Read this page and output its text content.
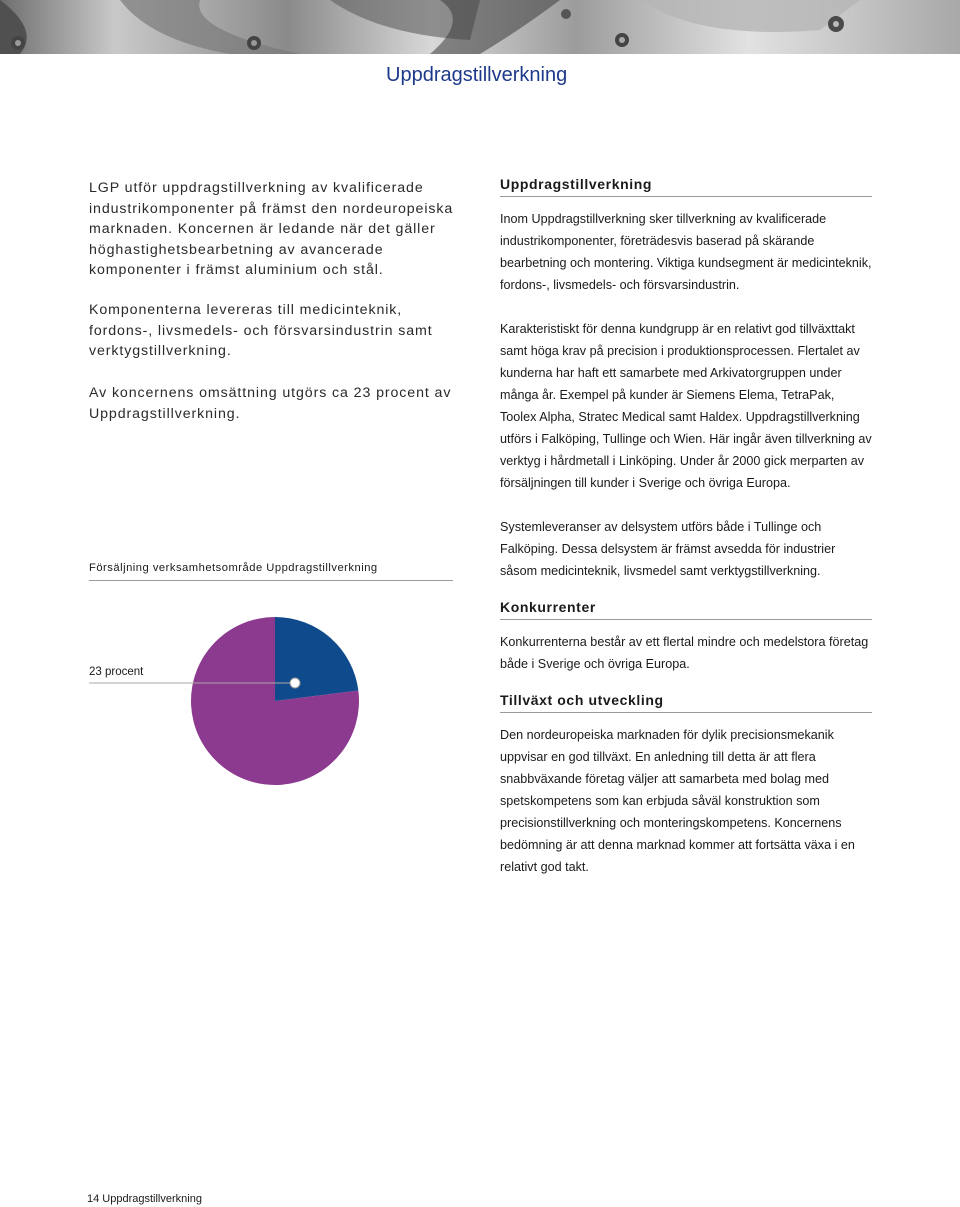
Uppdragstillverkning

LGP utför uppdragstillverkning av kvalificerade industrikomponenter på främst den nordeuropeiska marknaden. Koncernen är ledande när det gäller höghastighetsbearbetning av avancerade komponenter i främst aluminium och stål.

Komponenterna levereras till medicinteknik, fordons-, livsmedels- och försvarsindustrin samt verktygstillverkning.

Av koncernens omsättning utgörs ca 23 procent av Uppdragstillverkning.

Uppdragstillverkning

Inom Uppdragstillverkning sker tillverkning av kvalificerade industrikomponenter, företrädesvis baserad på skärande bearbetning och montering. Viktiga kundsegment är medicinteknik, fordons-, livsmedels- och försvarsindustrin.

Karakteristiskt för denna kundgrupp är en relativt god tillväxttakt samt höga krav på precision i produktionsprocessen. Flertalet av kunderna har haft ett samarbete med Arkivatorgruppen under många år. Exempel på kunder är Siemens Elema, TetraPak, Toolex Alpha, Stratec Medical samt Haldex. Uppdragstillverkning utförs i Falköping, Tullinge och Wien. Här ingår även tillverkning av verktyg i hårdmetall i Linköping. Under år 2000 gick merparten av försäljningen till kunder i Sverige och övriga Europa.

Systemleveranser av delsystem utförs både i Tullinge och Falköping. Dessa delsystem är främst avsedda för industrier såsom medicinteknik, livsmedel samt verktygstillverkning.

Konkurrenter

Konkurrenterna består av ett flertal mindre och medelstora företag både i Sverige och övriga Europa.

Tillväxt och utveckling

Den nordeuropeiska marknaden för dylik precisionsmekanik uppvisar en god tillväxt. En anledning till detta är att flera snabbväxande företag väljer att samarbeta med bolag med spetskompetens som kan erbjuda såväl konstruktion som precisionstillverkning och monteringskompetens. Koncernens bedömning är att denna marknad kommer att fortsätta växa i en relativt god takt.

Försäljning verksamhetsområde Uppdragstillverkning
23 procent
14 Uppdragstillverkning
